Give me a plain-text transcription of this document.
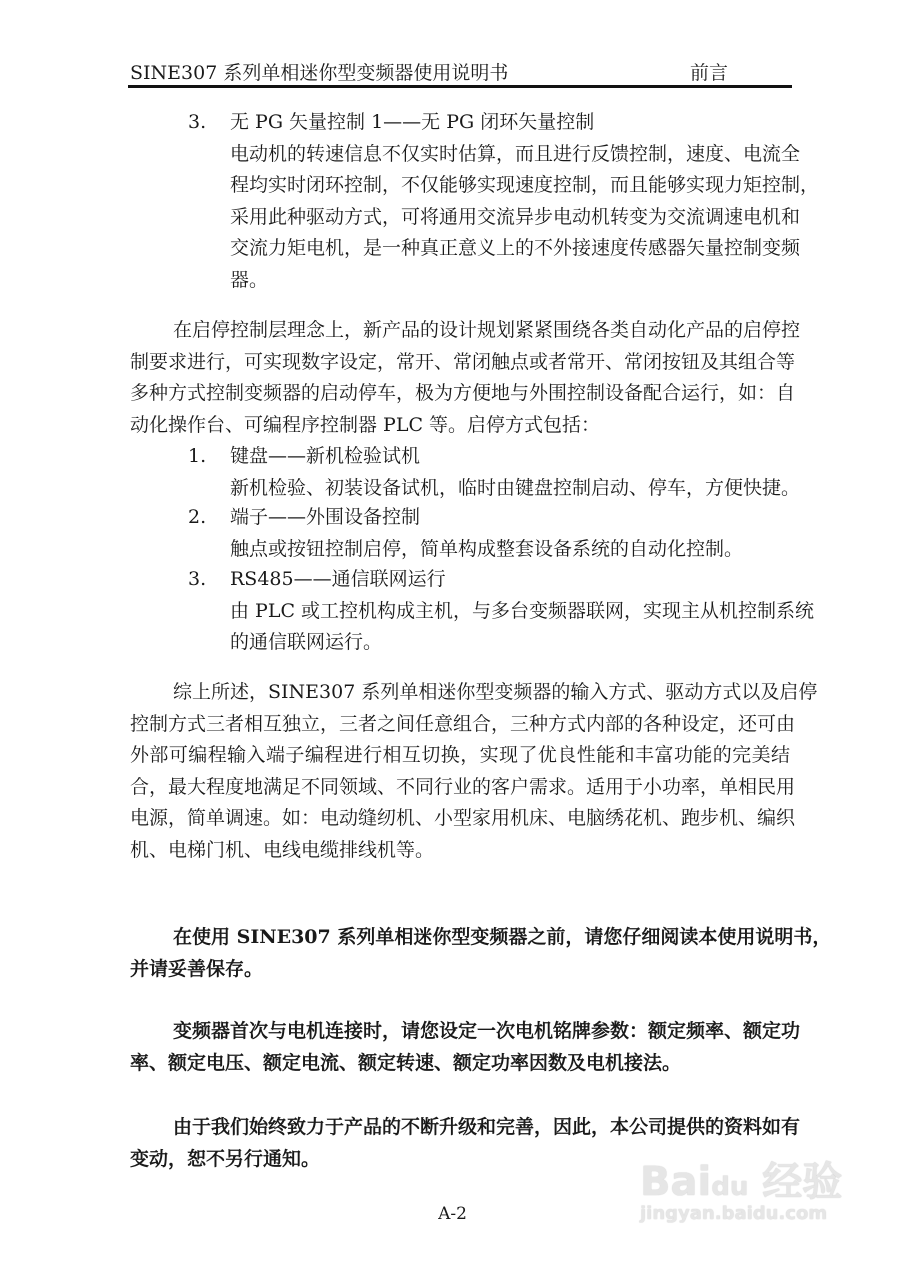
SINE307 系列单相迷你型变频器使用说明书	前言
3.	无 PG 矢量控制 1——无 PG 闭环矢量控制
电动机的转速信息不仅实时估算，而且进行反馈控制，速度、电流全
程均实时闭环控制，不仅能够实现速度控制，而且能够实现力矩控制，
采用此种驱动方式，可将通用交流异步电动机转变为交流调速电机和
交流力矩电机，是一种真正意义上的不外接速度传感器矢量控制变频
器。
在启停控制层理念上，新产品的设计规划紧紧围绕各类自动化产品的启停控
制要求进行，可实现数字设定，常开、常闭触点或者常开、常闭按钮及其组合等
多种方式控制变频器的启动停车，极为方便地与外围控制设备配合运行，如：自
动化操作台、可编程序控制器 PLC 等。启停方式包括：
1.	键盘——新机检验试机
新机检验、初装设备试机，临时由键盘控制启动、停车，方便快捷。
2.	端子——外围设备控制
触点或按钮控制启停，简单构成整套设备系统的自动化控制。
3.	RS485——通信联网运行
由 PLC 或工控机构成主机，与多台变频器联网，实现主从机控制系统
的通信联网运行。
综上所述，SINE307 系列单相迷你型变频器的输入方式、驱动方式以及启停
控制方式三者相互独立，三者之间任意组合，三种方式内部的各种设定，还可由
外部可编程输入端子编程进行相互切换，实现了优良性能和丰富功能的完美结
合，最大程度地满足不同领域、不同行业的客户需求。适用于小功率，单相民用
电源，简单调速。如：电动缝纫机、小型家用机床、电脑绣花机、跑步机、编织
机、电梯门机、电线电缆排线机等。
在使用 SINE307 系列单相迷你型变频器之前，请您仔细阅读本使用说明书，
并请妥善保存。
变频器首次与电机连接时，请您设定一次电机铭牌参数：额定频率、额定功
率、额定电压、额定电流、额定转速、额定功率因数及电机接法。
由于我们始终致力于产品的不断升级和完善，因此，本公司提供的资料如有
变动，恕不另行通知。
A-2
Baidu 经验
jingyan.baidu.com
